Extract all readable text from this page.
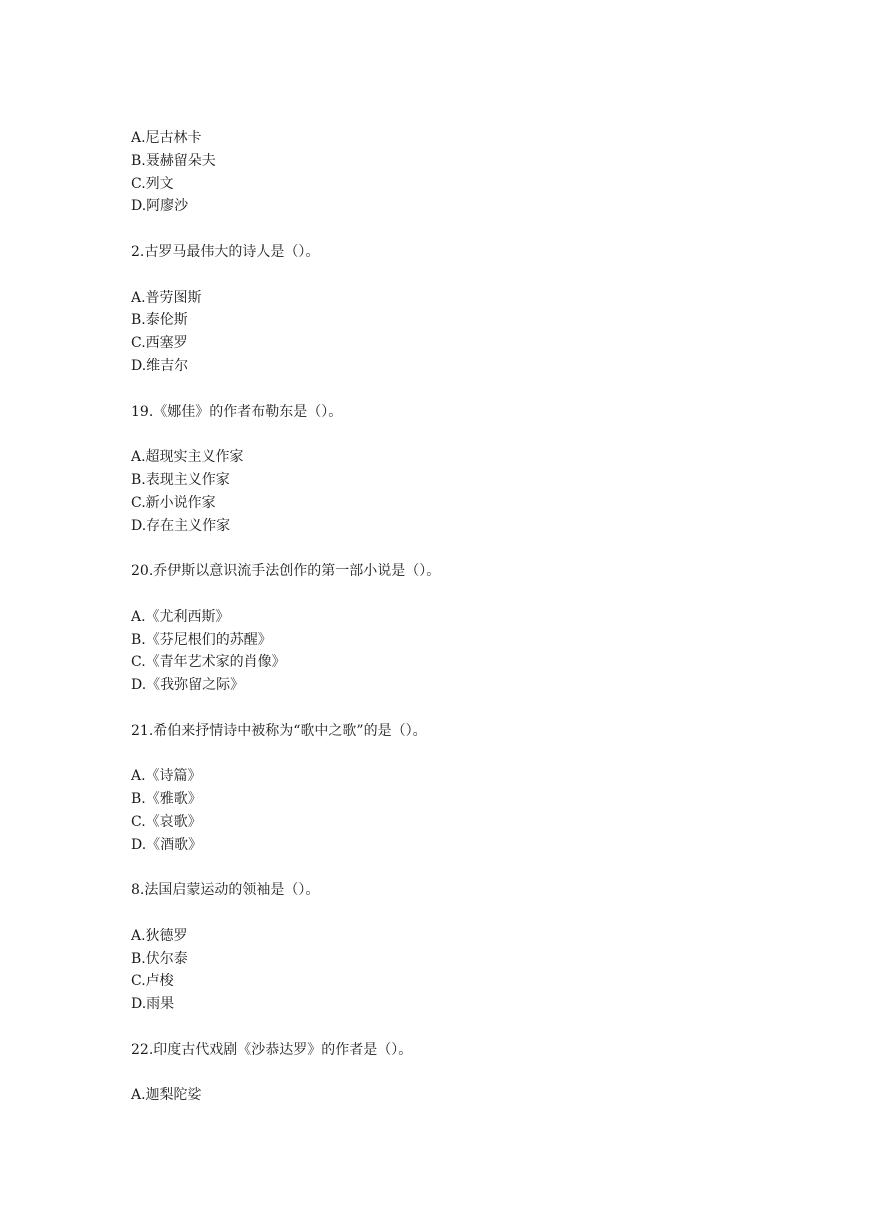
A.尼古林卡
B.聂赫留朵夫
C.列文
D.阿廖沙
2.古罗马最伟大的诗人是（）。
A.普劳图斯
B.泰伦斯
C.西塞罗
D.维吉尔
19.《娜佳》的作者布勒东是（）。
A.超现实主义作家
B.表现主义作家
C.新小说作家
D.存在主义作家
20.乔伊斯以意识流手法创作的第一部小说是（）。
A.《尤利西斯》
B.《芬尼根们的苏醒》
C.《青年艺术家的肖像》
D.《我弥留之际》
21.希伯来抒情诗中被称为“歌中之歌”的是（）。
A.《诗篇》
B.《雅歌》
C.《哀歌》
D.《酒歌》
8.法国启蒙运动的领袖是（）。
A.狄德罗
B.伏尔泰
C.卢梭
D.雨果
22.印度古代戏剧《沙恭达罗》的作者是（）。
A.迦梨陀娑
